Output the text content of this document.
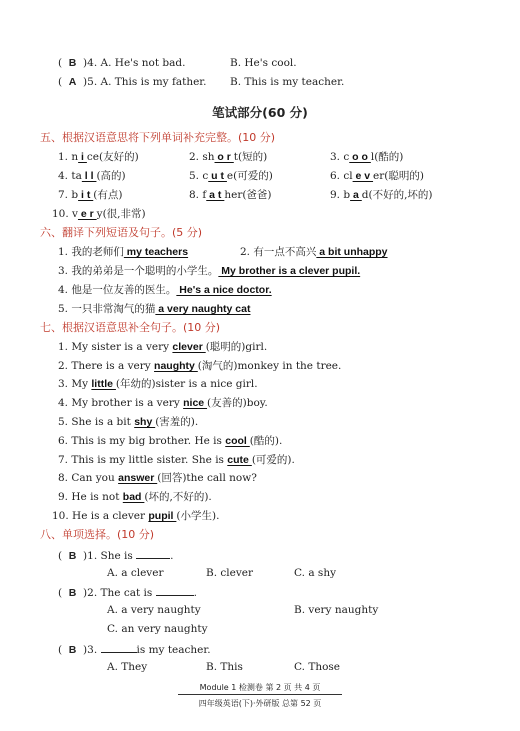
(  B  )4. A. He's not bad.	B. He's cool.
(  A  )5. A. This is my father. B. This is my teacher.
笔试部分(60 分)
五、根据汉语意思将下列单词补充完整。(10 分)
1. n i ce(友好的)	2. sh o r t(短的)	3. c o o l(酷的)
4. ta l l (高的)	5. c u t e(可爱的)	6. cl e v er(聪明的)
7. b i t (有点)	8. f a t her(爸爸)	9. b a d(不好的,坏的)
10. v e r y(很,非常)
六、翻译下列短语及句子。(5 分)
1. 我的老师们 my teachers	2. 有一点不高兴 a bit unhappy
3. 我的弟弟是一个聪明的小学生。 My brother is a clever pupil.
4. 他是一位友善的医生。 He's a nice doctor.
5. 一只非常淘气的猫 a very naughty cat
七、根据汉语意思补全句子。(10 分)
1. My sister is a very clever (聪明的)girl.
2. There is a very naughty (淘气的)monkey in the tree.
3. My little (年幼的)sister is a nice girl.
4. My brother is a very nice (友善的)boy.
5. She is a bit shy (害羞的).
6. This is my big brother. He is cool (酷的).
7. This is my little sister. She is cute (可爱的).
8. Can you answer (回答)the call now?
9. He is not bad (坏的,不好的).
10. He is a clever pupil (小学生).
八、单项选择。(10 分)
(  B  )1. She is	.
A. a clever	B. clever	C. a shy
(  B  )2. The cat is	.
A. a very naughty	B. very naughty
C. an very naughty
(  B  )3.	is my teacher.
A. They	B. This	C. Those
Module 1 检测卷 第 2 页 共 4 页
四年级英语(下)·外研版 总第 52 页
